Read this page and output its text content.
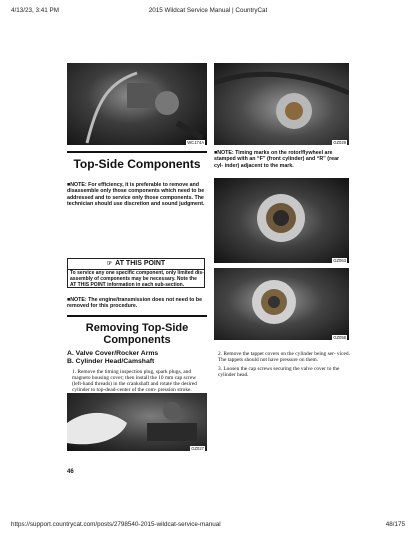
4/13/23, 3:41 PM	2015 Wildcat Service Manual | CountryCat
WC174A
Top-Side Components

■NOTE: For efficiency, it is preferable to remove and disassemble only those components which need to be addressed and to service only those components. The technician should use discretion and sound judgment.

☞ AT THIS POINT

To service any one specific component, only limited dis- assembly of components may be necessary. Note the AT THIS POINT information in each sub-section.

■NOTE: The engine/transmission does not need to be removed for this procedure.

Removing Top-Side
Components
A. Valve Cover/Rocker Arms
B. Cylinder Head/Camshaft

1. Remove the timing inspection plug, spark plugs, and magneto housing cover; then install the 10 mm cap screw (left-hand threads) in the crankshaft and rotate the desired cylinder to top-dead-center of the com- pression stroke.

GZ027
46
GZ029

■NOTE: Timing marks on the rotor/flywheel are stamped with an “F” (front cylinder) and “R” (rear cyl- inder) adjacent to the mark.

GZ063
GZ058

2. Remove the tappet covers on the cylinder being ser- viced. The tappets should not have pressure on them.

3. Loosen the cap screws securing the valve cover to the cylinder head.

https://support.countrycat.com/posts/2798540-2015-wildcat-service-manual	48/175
